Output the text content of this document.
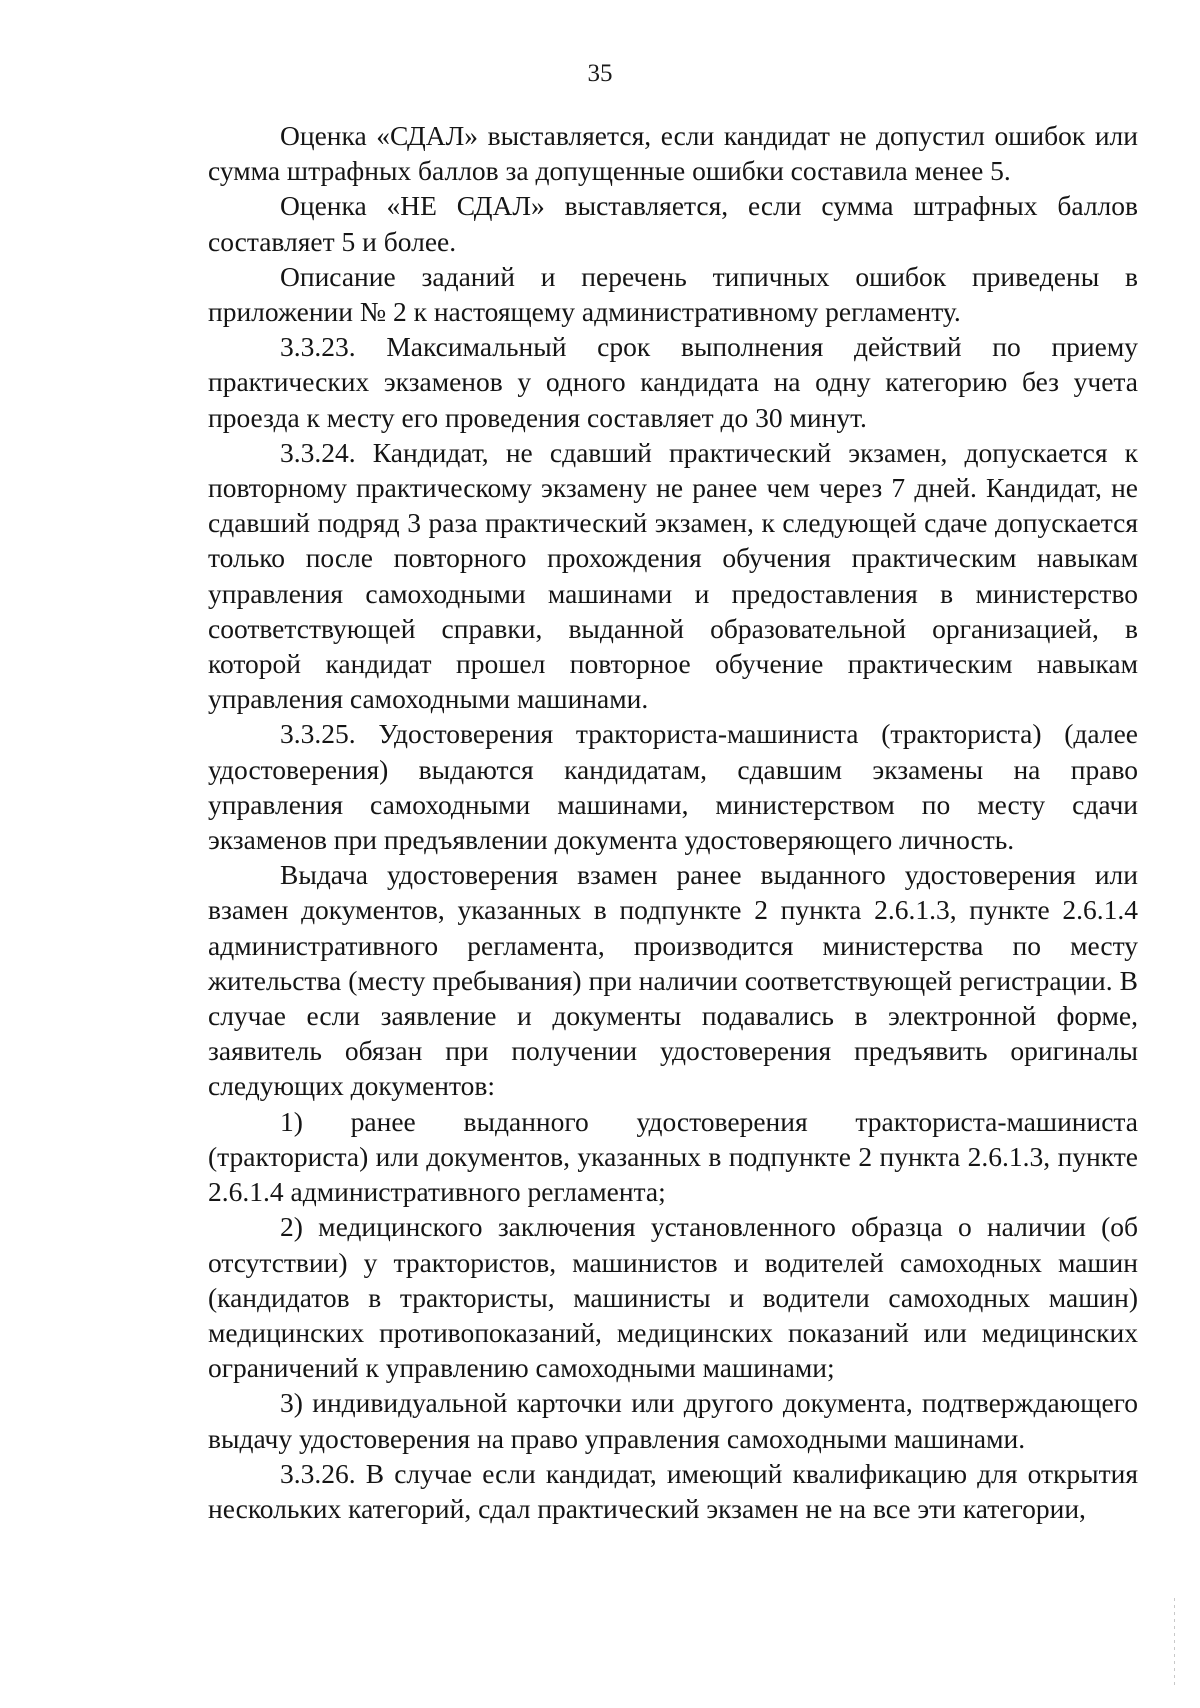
35

Оценка «СДАЛ» выставляется, если кандидат не допустил ошибок или сумма штрафных баллов за допущенные ошибки составила менее 5.

Оценка «НЕ СДАЛ» выставляется, если сумма штрафных баллов составляет 5 и более.

Описание заданий и перечень типичных ошибок приведены в приложении № 2 к настоящему административному регламенту.

3.3.23. Максимальный срок выполнения действий по приему практических экзаменов у одного кандидата на одну категорию без учета проезда к месту его проведения составляет до 30 минут.

3.3.24. Кандидат, не сдавший практический экзамен, допускается к повторному практическому экзамену не ранее чем через 7 дней. Кандидат, не сдавший подряд 3 раза практический экзамен, к следующей сдаче допускается только после повторного прохождения обучения практическим навыкам управления самоходными машинами и предоставления в министерство соответствующей справки, выданной образовательной организацией, в которой кандидат прошел повторное обучение практическим навыкам управления самоходными машинами.

3.3.25. Удостоверения тракториста-машиниста (тракториста) (далее удостоверения) выдаются кандидатам, сдавшим экзамены на право управления самоходными машинами, министерством по месту сдачи экзаменов при предъявлении документа удостоверяющего личность.

Выдача удостоверения взамен ранее выданного удостоверения или взамен документов, указанных в подпункте 2 пункта 2.6.1.3, пункте 2.6.1.4 административного регламента, производится министерства по месту жительства (месту пребывания) при наличии соответствующей регистрации. В случае если заявление и документы подавались в электронной форме, заявитель обязан при получении удостоверения предъявить оригиналы следующих документов:

1) ранее выданного удостоверения тракториста-машиниста (тракториста) или документов, указанных в подпункте 2 пункта 2.6.1.3, пункте 2.6.1.4 административного регламента;

2) медицинского заключения установленного образца о наличии (об отсутствии) у трактористов, машинистов и водителей самоходных машин (кандидатов в трактористы, машинисты и водители самоходных машин) медицинских противопоказаний, медицинских показаний или медицинских ограничений к управлению самоходными машинами;

3) индивидуальной карточки или другого документа, подтверждающего выдачу удостоверения на право управления самоходными машинами.

3.3.26. В случае если кандидат, имеющий квалификацию для открытия нескольких категорий, сдал практический экзамен не на все эти категории,
